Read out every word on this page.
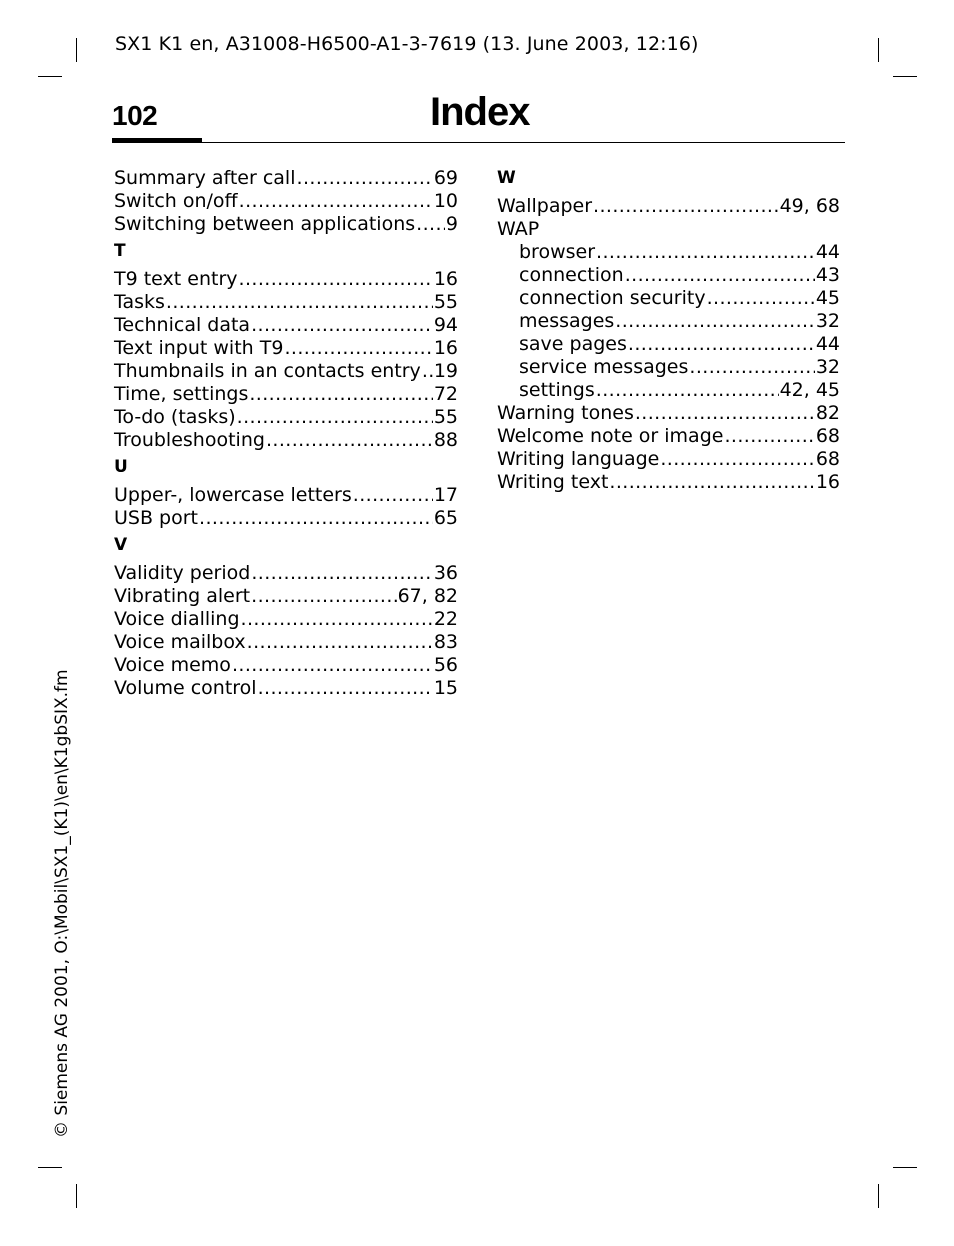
SX1 K1 en, A31008-H6500-A1-3-7619 (13. June 2003, 12:16)
102	Index
Summary after call .....	69
Switch on/off .....	10
Switching between applications ..... 9
T
T9 text entry .....	16
Tasks .....	55
Technical data .....	94
Text input with T9 .....	16
Thumbnails in an contacts entry ..... 19
Time, settings .....	72
To-do (tasks) .....	55
Troubleshooting .....	88
U
Upper-, lowercase letters .....	17
USB port .....	65
V
Validity period .....	36
Vibrating alert .....	67, 82
Voice dialling .....	22
Voice mailbox .....	83
Voice memo .....	56
Volume control .....	15
W
Wallpaper .....	49, 68
WAP
browser .....	44
connection .....	43
connection security .....	45
messages .....	32
save pages .....	44
service messages .....	32
settings .....	42, 45
Warning tones .....	82
Welcome note or image .....	68
Writing language .....	68
Writing text .....	16
© Siemens AG 2001, O:\Mobil\SX1_(K1)\en\K1gbSIX.fm
